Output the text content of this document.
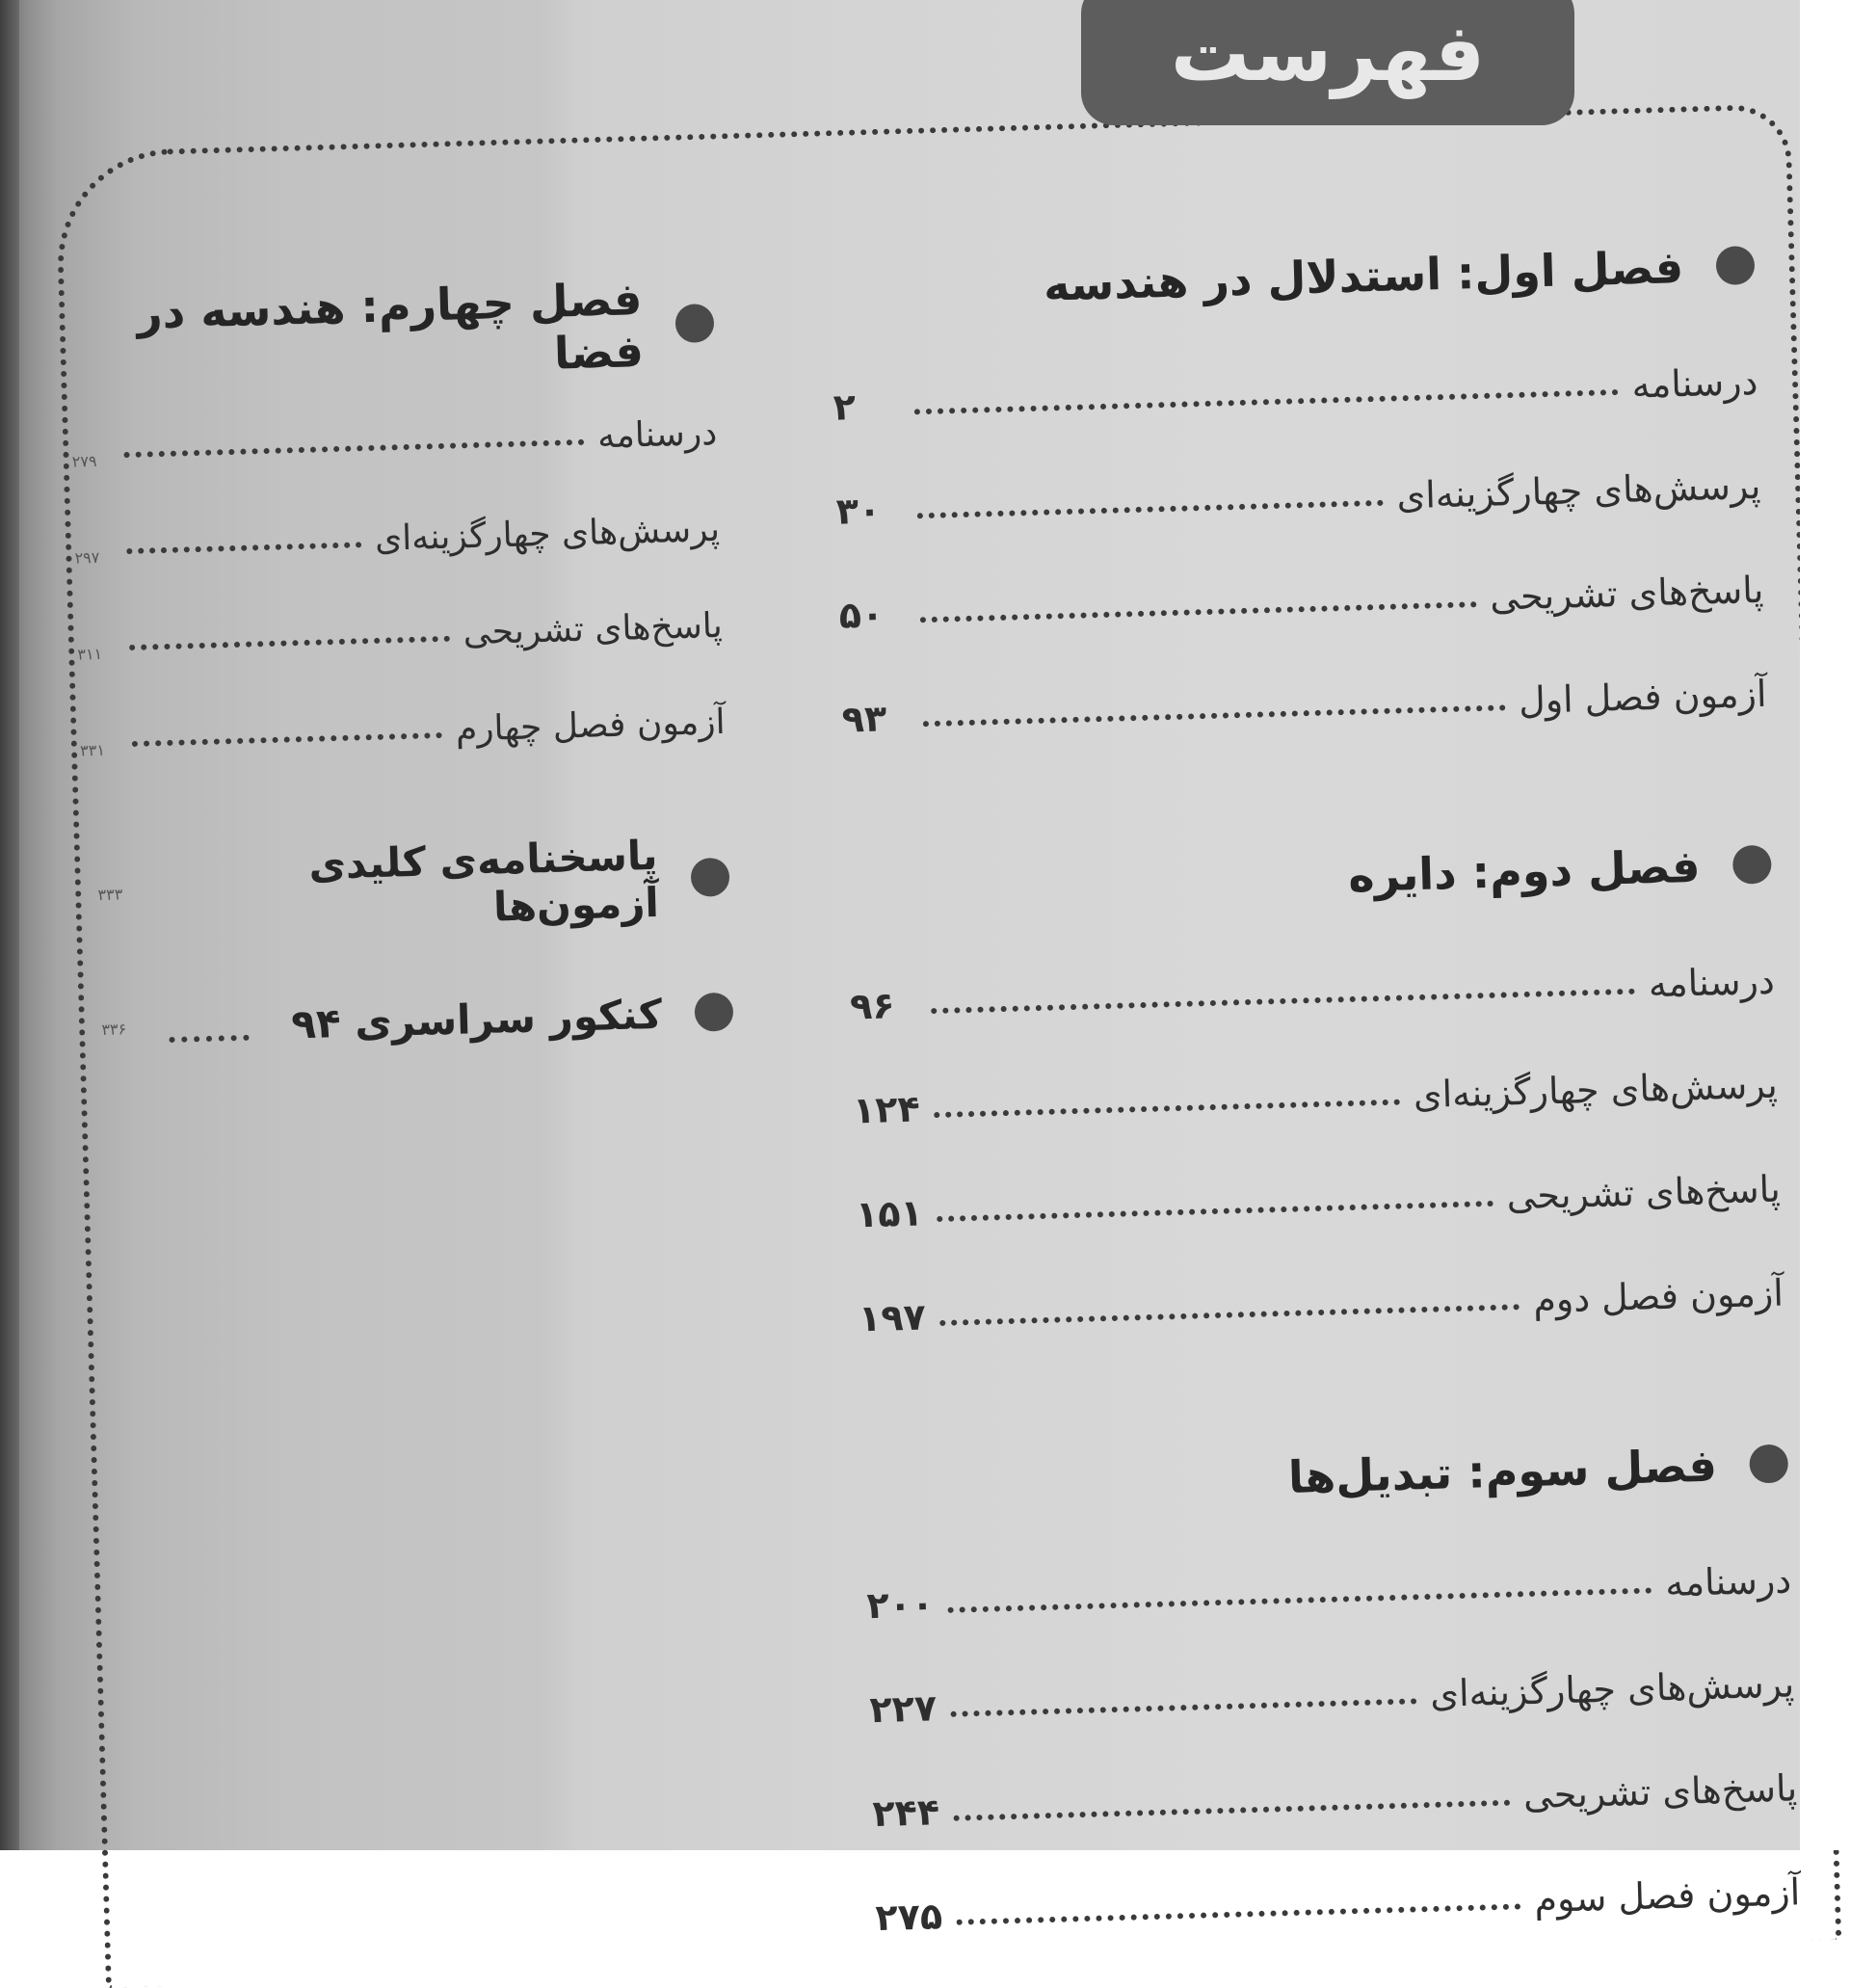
فهرست
فصل اول: استدلال در هندسه
درسنامه
۲
پرسش‌های چهارگزینه‌ای
۳۰
پاسخ‌های تشریحی
۵۰
آزمون فصل اول
۹۳
فصل دوم: دایره
درسنامه
۹۶
پرسش‌های چهارگزینه‌ای
۱۲۴
پاسخ‌های تشریحی
۱۵۱
آزمون فصل دوم
۱۹۷
فصل سوم: تبدیل‌ها
درسنامه
۲۰۰
پرسش‌های چهارگزینه‌ای
۲۲۷
پاسخ‌های تشریحی
۲۴۴
آزمون فصل سوم
۲۷۵
فصل چهارم: هندسه در فضا
درسنامه
۲۷۹
پرسش‌های چهارگزینه‌ای
۲۹۷
پاسخ‌های تشریحی
۳۱۱
آزمون فصل چهارم
۳۳۱
پاسخنامه‌ی کلیدی آزمون‌ها
۳۳۳
کنکور سراسری ۹۴
۳۳۶
